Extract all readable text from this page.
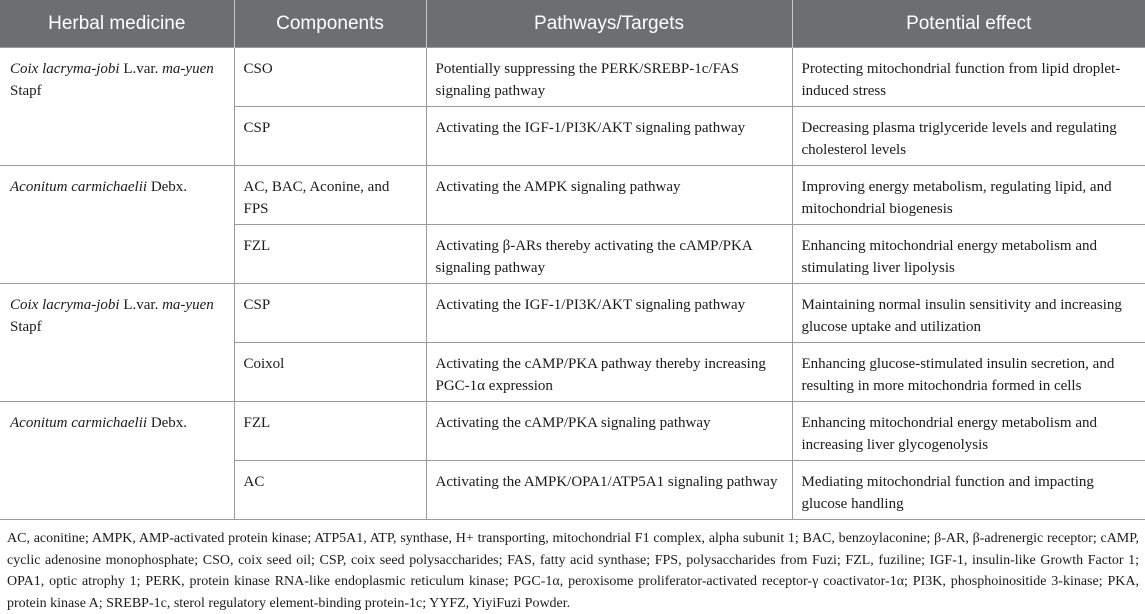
Herbal medicine	Components	Pathways/Targets	Potential effect
Coix lacryma-jobi L.var. ma-yuen Stapf	CSO	Potentially suppressing the PERK/SREBP-1c/FAS signaling pathway	Protecting mitochondrial function from lipid droplet-induced stress
	CSP	Activating the IGF-1/PI3K/AKT signaling pathway	Decreasing plasma triglyceride levels and regulating cholesterol levels
Aconitum carmichaelii Debx.	AC, BAC, Aconine, and FPS	Activating the AMPK signaling pathway	Improving energy metabolism, regulating lipid, and mitochondrial biogenesis
	FZL	Activating β-ARs thereby activating the cAMP/PKA signaling pathway	Enhancing mitochondrial energy metabolism and stimulating liver lipolysis
Coix lacryma-jobi L.var. ma-yuen Stapf	CSP	Activating the IGF-1/PI3K/AKT signaling pathway	Maintaining normal insulin sensitivity and increasing glucose uptake and utilization
	Coixol	Activating the cAMP/PKA pathway thereby increasing PGC-1α expression	Enhancing glucose-stimulated insulin secretion, and resulting in more mitochondria formed in cells
Aconitum carmichaelii Debx.	FZL	Activating the cAMP/PKA signaling pathway	Enhancing mitochondrial energy metabolism and increasing liver glycogenolysis
	AC	Activating the AMPK/OPA1/ATP5A1 signaling pathway	Mediating mitochondrial function and impacting glucose handling

AC, aconitine; AMPK, AMP-activated protein kinase; ATP5A1, ATP, synthase, H+ transporting, mitochondrial F1 complex, alpha subunit 1; BAC, benzoylaconine; β-AR, β-adrenergic receptor; cAMP, cyclic adenosine monophosphate; CSO, coix seed oil; CSP, coix seed polysaccharides; FAS, fatty acid synthase; FPS, polysaccharides from Fuzi; FZL, fuziline; IGF-1, insulin-like Growth Factor 1; OPA1, optic atrophy 1; PERK, protein kinase RNA-like endoplasmic reticulum kinase; PGC-1α, peroxisome proliferator-activated receptor-γ coactivator-1α; PI3K, phosphoinositide 3-kinase; PKA, protein kinase A; SREBP-1c, sterol regulatory element-binding protein-1c; YYFZ, YiyiFuzi Powder.
